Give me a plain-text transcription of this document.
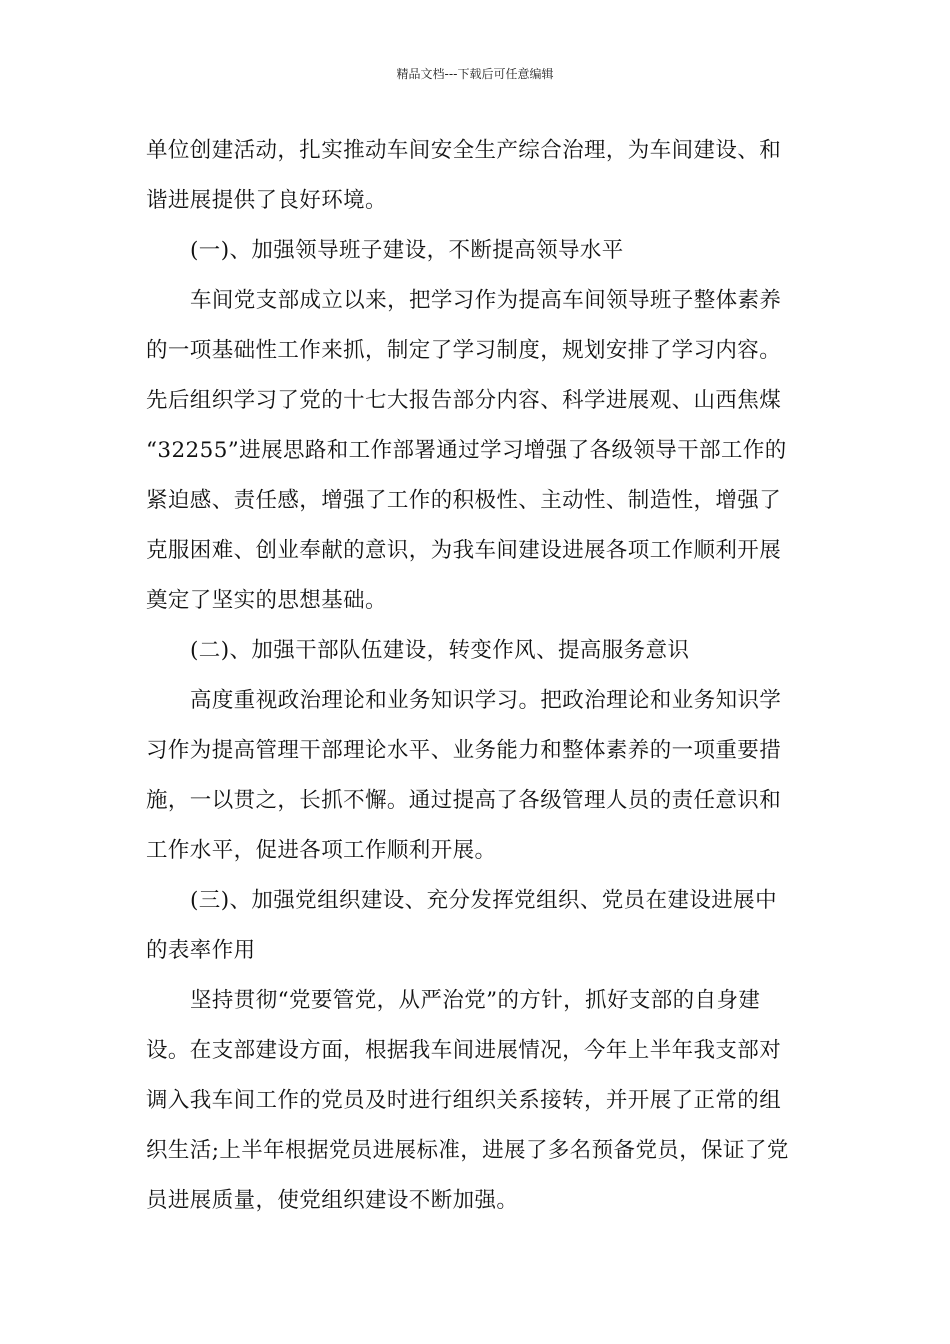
精品文档---下载后可任意编辑
单位创建活动，扎实推动车间安全生产综合治理，为车间建设、和
谐进展提供了良好环境。
(一)、加强领导班子建设，不断提高领导水平
车间党支部成立以来，把学习作为提高车间领导班子整体素养
的一项基础性工作来抓，制定了学习制度，规划安排了学习内容。
先后组织学习了党的十七大报告部分内容、科学进展观、山西焦煤
“32255”进展思路和工作部署通过学习增强了各级领导干部工作的
紧迫感、责任感，增强了工作的积极性、主动性、制造性，增强了
克服困难、创业奉献的意识，为我车间建设进展各项工作顺利开展
奠定了坚实的思想基础。
(二)、加强干部队伍建设，转变作风、提高服务意识
高度重视政治理论和业务知识学习。把政治理论和业务知识学
习作为提高管理干部理论水平、业务能力和整体素养的一项重要措
施，一以贯之，长抓不懈。通过提高了各级管理人员的责任意识和
工作水平，促进各项工作顺利开展。
(三)、加强党组织建设、充分发挥党组织、党员在建设进展中
的表率作用
坚持贯彻“党要管党，从严治党”的方针，抓好支部的自身建
设。在支部建设方面，根据我车间进展情况，今年上半年我支部对
调入我车间工作的党员及时进行组织关系接转，并开展了正常的组
织生活;上半年根据党员进展标准，进展了多名预备党员，保证了党
员进展质量，使党组织建设不断加强。
